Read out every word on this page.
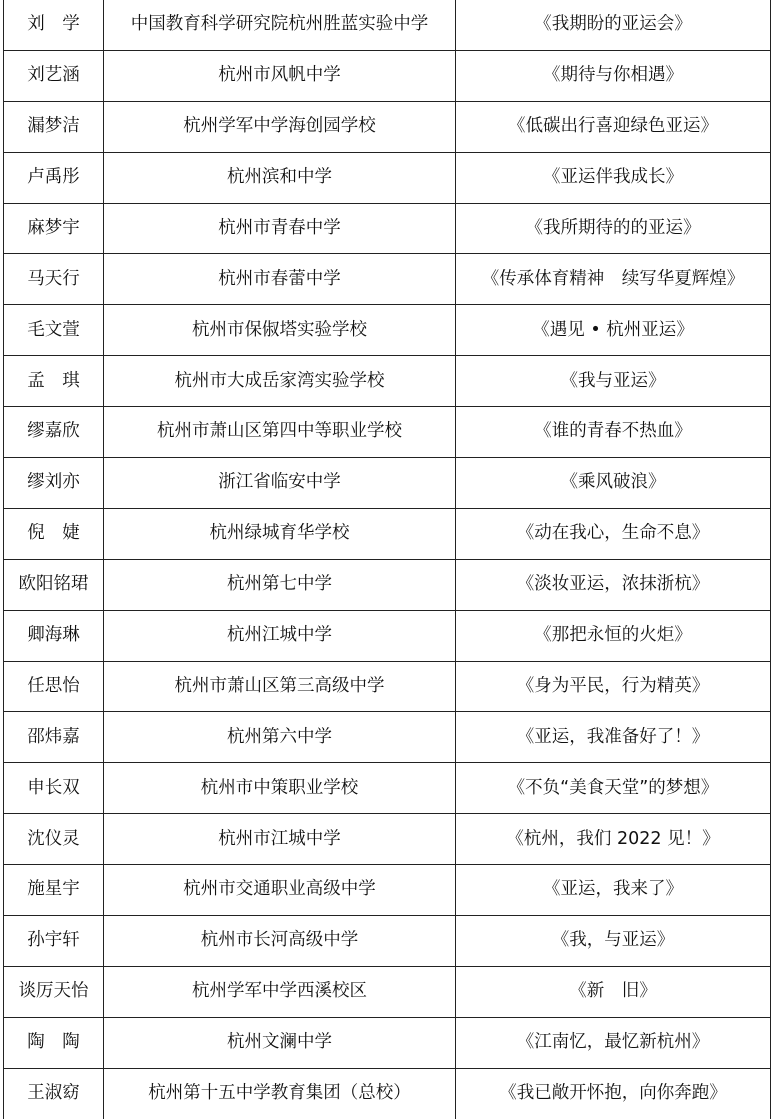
刘　学	中国教育科学研究院杭州胜蓝实验中学	《我期盼的亚运会》
刘艺涵	杭州市风帆中学	《期待与你相遇》
漏梦洁	杭州学军中学海创园学校	《低碳出行喜迎绿色亚运》
卢禹彤	杭州滨和中学	《亚运伴我成长》
麻梦宇	杭州市青春中学	《我所期待的的亚运》
马天行	杭州市春蕾中学	《传承体育精神　续写华夏辉煌》
毛文萱	杭州市保俶塔实验学校	《遇见 • 杭州亚运》
孟　琪	杭州市大成岳家湾实验学校	《我与亚运》
缪嘉欣	杭州市萧山区第四中等职业学校	《谁的青春不热血》
缪刘亦	浙江省临安中学	《乘风破浪》
倪　婕	杭州绿城育华学校	《动在我心，生命不息》
欧阳铭珺	杭州第七中学	《淡妆亚运，浓抹浙杭》
卿海琳	杭州江城中学	《那把永恒的火炬》
任思怡	杭州市萧山区第三高级中学	《身为平民，行为精英》
邵炜嘉	杭州第六中学	《亚运，我准备好了！》
申长双	杭州市中策职业学校	《不负“美食天堂”的梦想》
沈仪灵	杭州市江城中学	《杭州，我们 2022 见！》
施星宇	杭州市交通职业高级中学	《亚运，我来了》
孙宇轩	杭州市长河高级中学	《我，与亚运》
谈厉天怡	杭州学军中学西溪校区	《新　旧》
陶　陶	杭州文澜中学	《江南忆，最忆新杭州》
王淑窈	杭州第十五中学教育集团（总校）	《我已敞开怀抱，向你奔跑》
